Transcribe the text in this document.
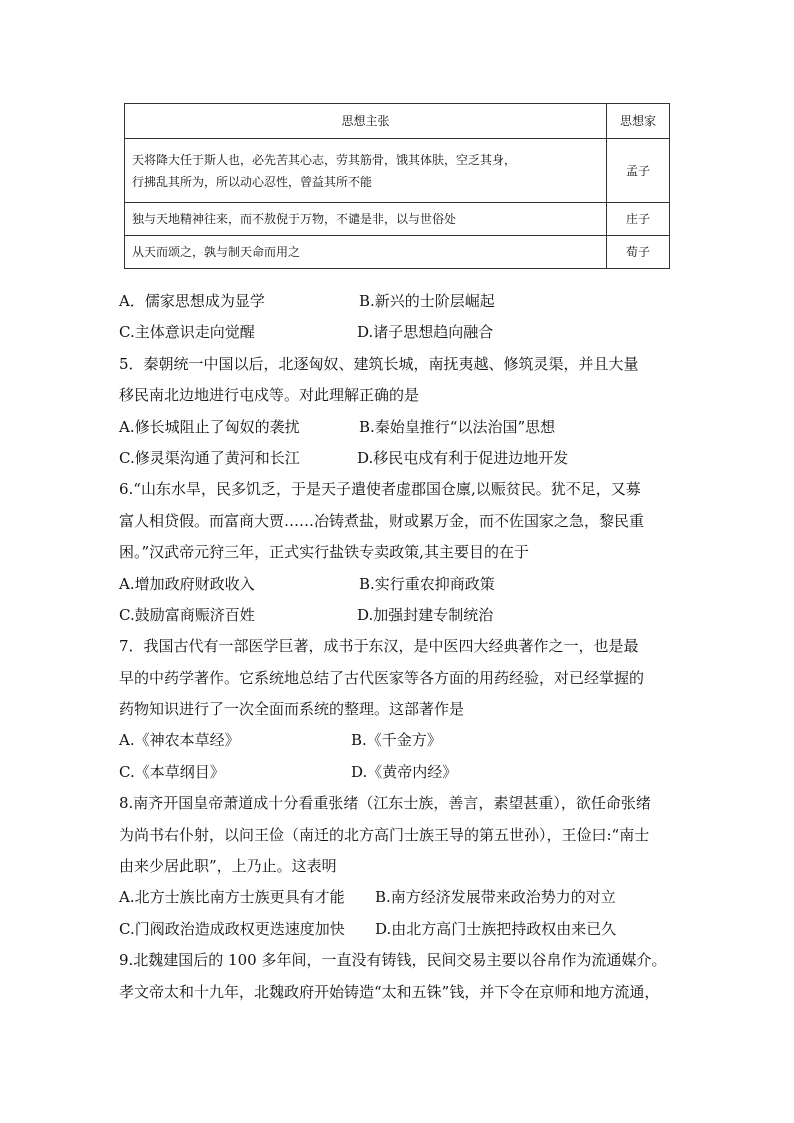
思想主张	思想家

天将降大任于斯人也，必先苦其心志，劳其筋骨，饿其体肤，空乏其身，
行拂乱其所为，所以动心忍性，曾益其所不能	孟子
独与天地精神往来，而不敖倪于万物，不谴是非，以与世俗处	庄子
从天而颂之，孰与制天命而用之	荀子
A．儒家思想成为显学	B.新兴的士阶层崛起
C.主体意识走向觉醒	D.诸子思想趋向融合
5．秦朝统一中国以后，北逐匈奴、建筑长城，南抚夷越、修筑灵渠，并且大量
移民南北边地进行屯戍等。对此理解正确的是
A.修长城阻止了匈奴的袭扰	B.秦始皇推行“以法治国”思想
C.修灵渠沟通了黄河和长江	D.移民屯戍有利于促进边地开发
6.“山东水旱，民多饥乏，于是天子遣使者虚郡国仓廪,以赈贫民。犹不足，又募
富人相贷假。而富商大贾……冶铸煮盐，财或累万金，而不佐国家之急，黎民重
困。”汉武帝元狩三年，正式实行盐铁专卖政策,其主要目的在于
A.增加政府财政收入	B.实行重农抑商政策
C.鼓励富商赈济百姓	D.加强封建专制统治
7．我国古代有一部医学巨著，成书于东汉，是中医四大经典著作之一，也是最
早的中药学著作。它系统地总结了古代医家等各方面的用药经验，对已经掌握的
药物知识进行了一次全面而系统的整理。这部著作是
A.《神农本草经》	B.《千金方》
C.《本草纲目》	D.《黄帝内经》
8.南齐开国皇帝萧道成十分看重张绪（江东士族，善言，素望甚重），欲任命张绪
为尚书右仆射，以问王俭（南迁的北方高门士族王导的第五世孙），王俭曰:“南士
由来少居此职”，上乃止。这表明
A.北方士族比南方士族更具有才能	B.南方经济发展带来政治势力的对立
C.门阀政治造成政权更迭速度加快	D.由北方高门士族把持政权由来已久
9.北魏建国后的 100 多年间，一直没有铸钱，民间交易主要以谷帛作为流通媒介。
孝文帝太和十九年，北魏政府开始铸造“太和五铢”钱，并下令在京师和地方流通，
